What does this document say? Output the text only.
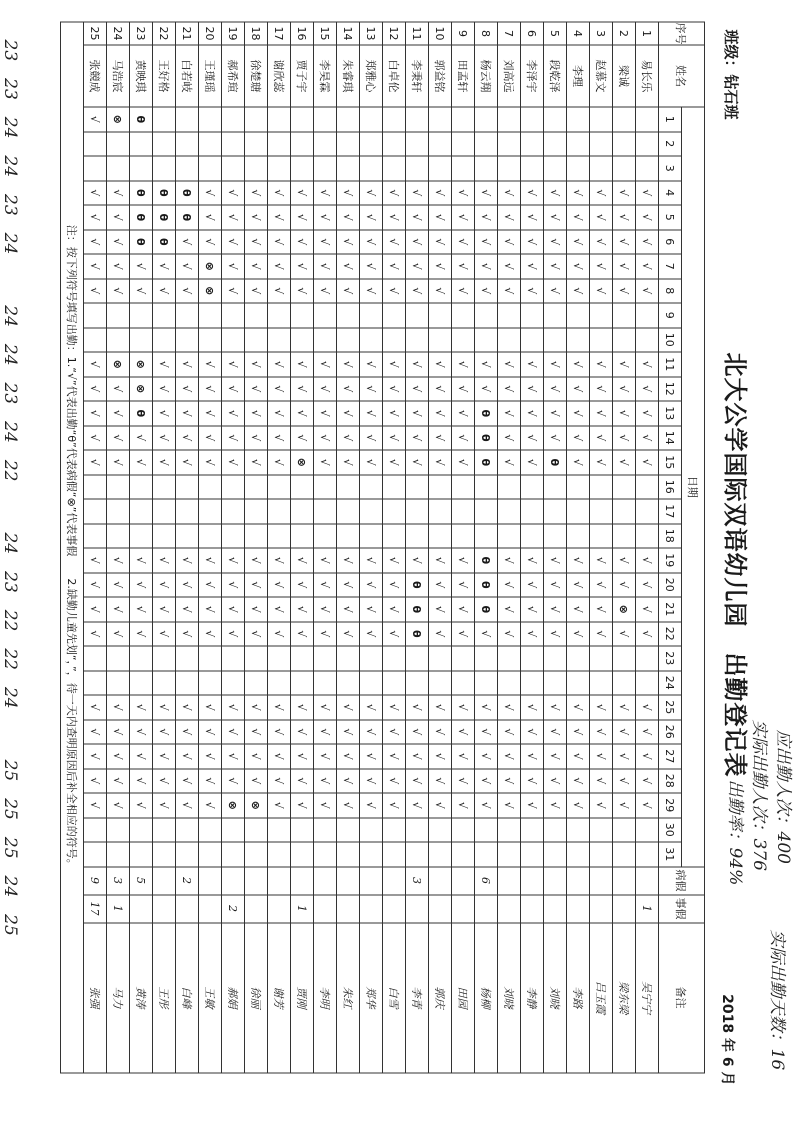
北大公学国际双语幼儿园　出勤登记表
班级：钻石班
2018 年 6 月
应出勤人次：400
实际出勤人次：376
出勤率：94%
实际出勤天数：16
序号	姓名	日期																															病假	事假	备注
		1	2	3	4	5	6	7	8	9	10	11	12	13	14	15	16	17	18	19	20	21	22	23	24	25	26	27	28	29	30	31			
1	易长乐				√	√	√	√	√			√	√	√	√	√				√	√	√	√			√	√	√	√	√				1	吴宁宁
2	梁诚				√	√	√	√	√			√	√	√	√	√				√	√	⊗	√			√	√	√	√	√					梁东梁
3	赵慕文				√	√	√	√	√			√	√	√	√	√				√	√	√	√			√	√	√	√	√					吕玉霞
4	李理				√	√	√	√	√			√	√	√	√	√				√	√	√	√			√	√	√	√	√					李路
5	段乾泽				√	√	√	√	√			√	√	√	√	θ				√	√	√	√			√	√	√	√	√					刘晓
6	李泽宇				√	√	√	√	√			√	√	√	√	√				√	√	√	√			√	√	√	√	√					李静
7	刘高远				√	√	√	√	√			√	√	√	√	√				√	√	√	√			√	√	√	√	√					刘晓
8	杨云翔				√	√	√	√	√			√	√	θ	θ	θ				θ	θ	θ	√			√	√	√	√	√			6		杨柳
9	田孟轩				√	√	√	√	√			√	√	√	√	√				√	√	√	√			√	√	√	√	√					田园
10	郭益铭				√	√	√	√	√			√	√	√	√	√				√	√	√	√			√	√	√	√	√					郭庆
11	李秉轩				√	√	√	√	√			√	√	√	√	√				√	θ	θ	θ			√	√	√	√	√			3		李青
12	白卓伦				√	√	√	√	√			√	√	√	√	√				√	√	√	√			√	√	√	√	√					白雪
13	郑雅心				√	√	√	√	√			√	√	√	√	√				√	√	√	√			√	√	√	√	√					郑华
14	朱睿琪				√	√	√	√	√			√	√	√	√	√				√	√	√	√			√	√	√	√	√					朱红
15	李昊霖				√	√	√	√	√			√	√	√	√	√				√	√	√	√			√	√	√	√	√					李明
16	贾子宇				√	√	√	√	√			√	√	√	√	⊗				√	√	√	√			√	√	√	√	√				1	贾刚
17	谢欣蕊				√	√	√	√	√			√	√	√	√	√				√	√	√	√			√	√	√	√	√					谢芳
18	徐楚瑭				√	√	√	√	√			√	√	√	√	√				√	√	√	√			√	√	√	√	⊗					徐丽
19	郝希瑄				√	√	√	√	√			√	√	√	√	√				√	√	√	√			√	√	√	√	⊗				2	郝娟
20	王瑾瑶				√	√	√	⊗	⊗			√	√	√	√	√				√	√	√	√			√	√	√	√	√					王敏
21	白若岐				θ	θ	√	√	√			√	√	√	√	√				√	√	√	√			√	√	√	√	√			2		白峰
22	王好格				θ	θ	θ	√	√			√	√	√	√	√				√	√	√	√			√	√	√	√	√					王彤
23	黄映琪	θ			θ	θ	θ	√	√			⊗	⊗	θ	√	√				√	√	√	√			√	√	√	√	√			5		黄涛
24	马浩宸	⊗			√	√	√	√	√			⊗	√	√	√	√				√	√	√	√			√	√	√	√	√			3	1	马力
25	张競成	√			√	√	√	√	√			√	√	√	√	√				√	√	√	√			√	√	√	√	√			9	17	张强
注：按下列符号填写出勤：1.“√”代表出勤“θ”代表病假“⊗”代表事假　　2.缺勤儿童先划“，”，待一天内查明原因后补全相应的符号。																																			
23　23　24　24　23　24　　　24　24　23　24　22　　　24　23　22　22　24　　　25　25　25　24　25
